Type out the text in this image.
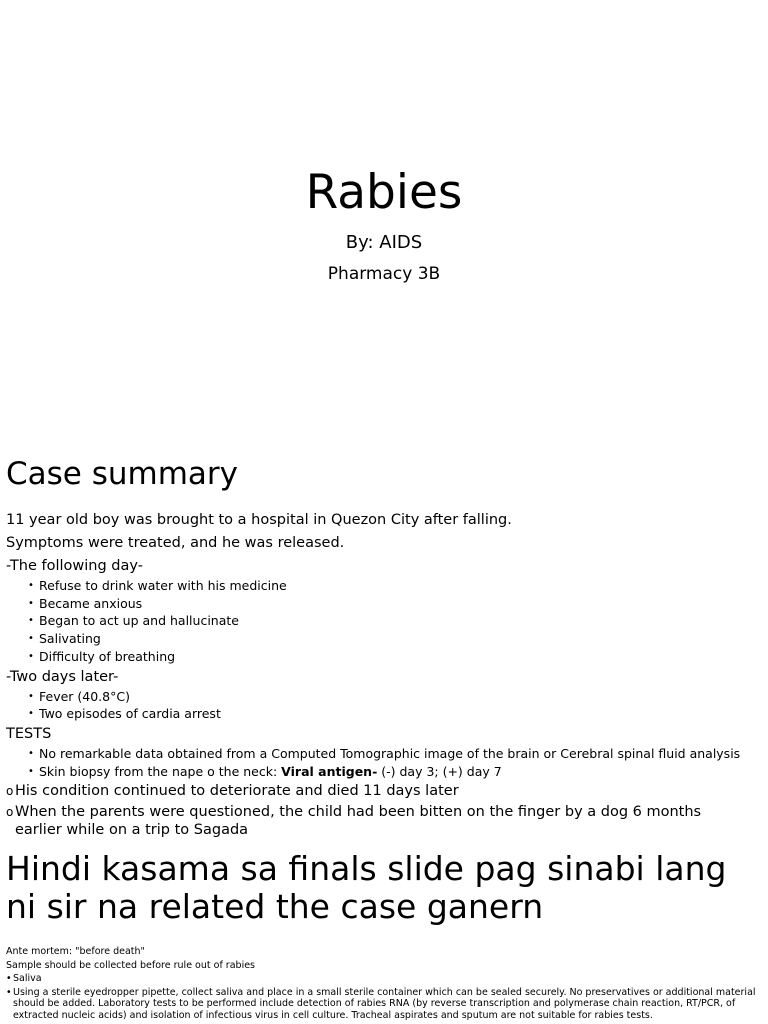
Rabies
By: AIDS
Pharmacy 3B
Case summary

11 year old boy was brought to a hospital in Quezon City after falling.

Symptoms were treated, and he was released.

-The following day-

• Refuse to drink water with his medicine
• Became anxious
• Began to act up and hallucinate
• Salivating
• Difficulty of breathing

-Two days later-

• Fever (40.8°C)
• Two episodes of cardia arrest

TESTS

• No remarkable data obtained from a Computed Tomographic image of the brain or Cerebral spinal fluid analysis
• Skin biopsy from the nape o the neck: Viral antigen- (-) day 3; (+) day 7
o His condition continued to deteriorate and died 11 days later
o When the parents were questioned, the child had been bitten on the finger by a dog 6 months earlier while on a trip to Sagada

Hindi kasama sa finals slide pag sinabi lang ni sir na related the case ganern

Ante mortem: "before death"

Sample should be collected before rule out of rabies

• Saliva

• Using a sterile eyedropper pipette, collect saliva and place in a small sterile container which can be sealed securely. No preservatives or additional material should be added. Laboratory tests to be performed include detection of rabies RNA (by reverse transcription and polymerase chain reaction, RT/PCR, of extracted nucleic acids) and isolation of infectious virus in cell culture. Tracheal aspirates and sputum are not suitable for rabies tests.
